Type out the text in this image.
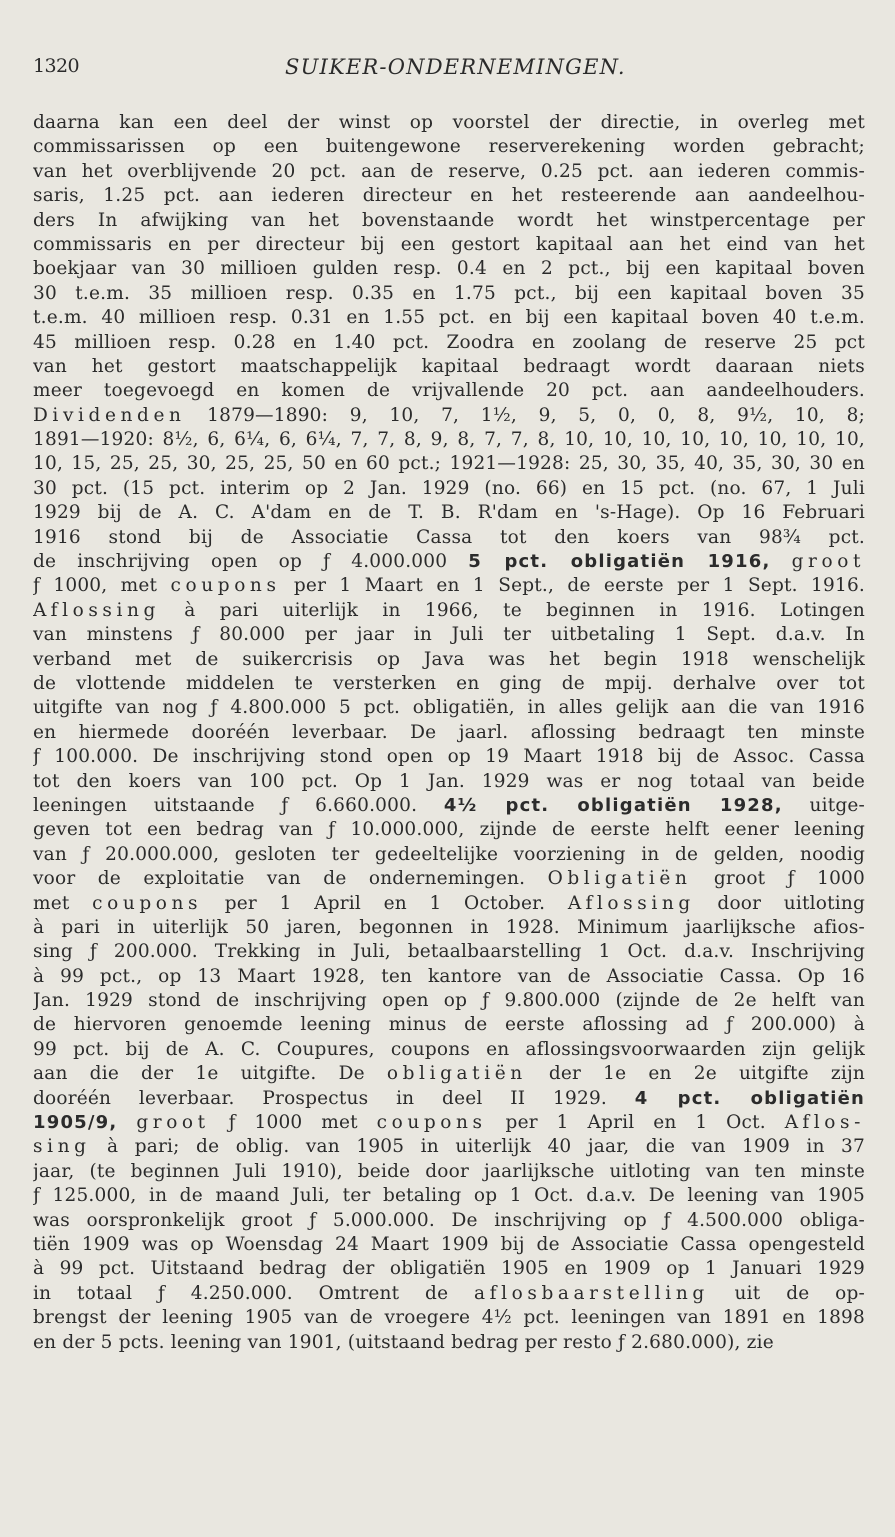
1320	SUIKER-ONDERNEMINGEN.
daarna kan een deel der winst op voorstel der directie, in overleg met
commissarissen op een buitengewone reserverekening worden gebracht;
van het overblijvende 20 pct. aan de reserve, 0.25 pct. aan iederen commis-
saris, 1.25 pct. aan iederen directeur en het resteerende aan aandeelhou-
ders In afwijking van het bovenstaande wordt het winstpercentage per
commissaris en per directeur bij een gestort kapitaal aan het eind van het
boekjaar van 30 millioen gulden resp. 0.4 en 2 pct., bij een kapitaal boven
30 t.e.m. 35 millioen resp. 0.35 en 1.75 pct., bij een kapitaal boven 35
t.e.m. 40 millioen resp. 0.31 en 1.55 pct. en bij een kapitaal boven 40 t.e.m.
45 millioen resp. 0.28 en 1.40 pct. Zoodra en zoolang de reserve 25 pct
van het gestort maatschappelijk kapitaal bedraagt wordt daaraan niets
meer toegevoegd en komen de vrijvallende 20 pct. aan aandeelhouders.
Dividenden 1879—1890: 9, 10, 7, 1½, 9, 5, 0, 0, 8, 9½, 10, 8;
1891—1920: 8½, 6, 6¼, 6, 6¼, 7, 7, 8, 9, 8, 7, 7, 8, 10, 10, 10, 10, 10, 10, 10, 10,
10, 15, 25, 25, 30, 25, 25, 50 en 60 pct.; 1921—1928: 25, 30, 35, 40, 35, 30, 30 en
30 pct. (15 pct. interim op 2 Jan. 1929 (no. 66) en 15 pct. (no. 67, 1 Juli
1929 bij de A. C. A'dam en de T. B. R'dam en 's-Hage). Op 16 Februari
1916 stond bij de Associatie Cassa tot den koers van 98¾ pct.
de inschrijving open op ƒ 4.000.000 5 pct. obligatiën 1916, groot
ƒ 1000, met coupons per 1 Maart en 1 Sept., de eerste per 1 Sept. 1916.
Aflossing à pari uiterlijk in 1966, te beginnen in 1916. Lotingen
van minstens ƒ 80.000 per jaar in Juli ter uitbetaling 1 Sept. d.a.v. In
verband met de suikercrisis op Java was het begin 1918 wenschelijk
de vlottende middelen te versterken en ging de mpij. derhalve over tot
uitgifte van nog ƒ 4.800.000 5 pct. obligatiën, in alles gelijk aan die van 1916
en hiermede dooréén leverbaar. De jaarl. aflossing bedraagt ten minste
ƒ 100.000. De inschrijving stond open op 19 Maart 1918 bij de Assoc. Cassa
tot den koers van 100 pct. Op 1 Jan. 1929 was er nog totaal van beide
leeningen uitstaande ƒ 6.660.000. 4½ pct. obligatiën 1928, uitge-
geven tot een bedrag van ƒ 10.000.000, zijnde de eerste helft eener leening
van ƒ 20.000.000, gesloten ter gedeeltelijke voorziening in de gelden, noodig
voor de exploitatie van de ondernemingen. Obligatiën groot ƒ 1000
met coupons per 1 April en 1 October. Aflossing door uitloting
à pari in uiterlijk 50 jaren, begonnen in 1928. Minimum jaarlijksche afios-
sing ƒ 200.000. Trekking in Juli, betaalbaarstelling 1 Oct. d.a.v. Inschrijving
à 99 pct., op 13 Maart 1928, ten kantore van de Associatie Cassa. Op 16
Jan. 1929 stond de inschrijving open op ƒ 9.800.000 (zijnde de 2e helft van
de hiervoren genoemde leening minus de eerste aflossing ad ƒ 200.000) à
99 pct. bij de A. C. Coupures, coupons en aflossingsvoorwaarden zijn gelijk
aan die der 1e uitgifte. De obligatiën der 1e en 2e uitgifte zijn
dooréén leverbaar. Prospectus in deel II 1929. 4 pct. obligatiën
1905/9, groot ƒ 1000 met coupons per 1 April en 1 Oct. Aflos-
sing à pari; de oblig. van 1905 in uiterlijk 40 jaar, die van 1909 in 37
jaar, (te beginnen Juli 1910), beide door jaarlijksche uitloting van ten minste
ƒ 125.000, in de maand Juli, ter betaling op 1 Oct. d.a.v. De leening van 1905
was oorspronkelijk groot ƒ 5.000.000. De inschrijving op ƒ 4.500.000 obliga-
tiën 1909 was op Woensdag 24 Maart 1909 bij de Associatie Cassa opengesteld
à 99 pct. Uitstaand bedrag der obligatiën 1905 en 1909 op 1 Januari 1929
in totaal ƒ 4.250.000. Omtrent de aflosbaarstelling uit de op-
brengst der leening 1905 van de vroegere 4½ pct. leeningen van 1891 en 1898
en der 5 pcts. leening van 1901, (uitstaand bedrag per resto ƒ 2.680.000), zie
